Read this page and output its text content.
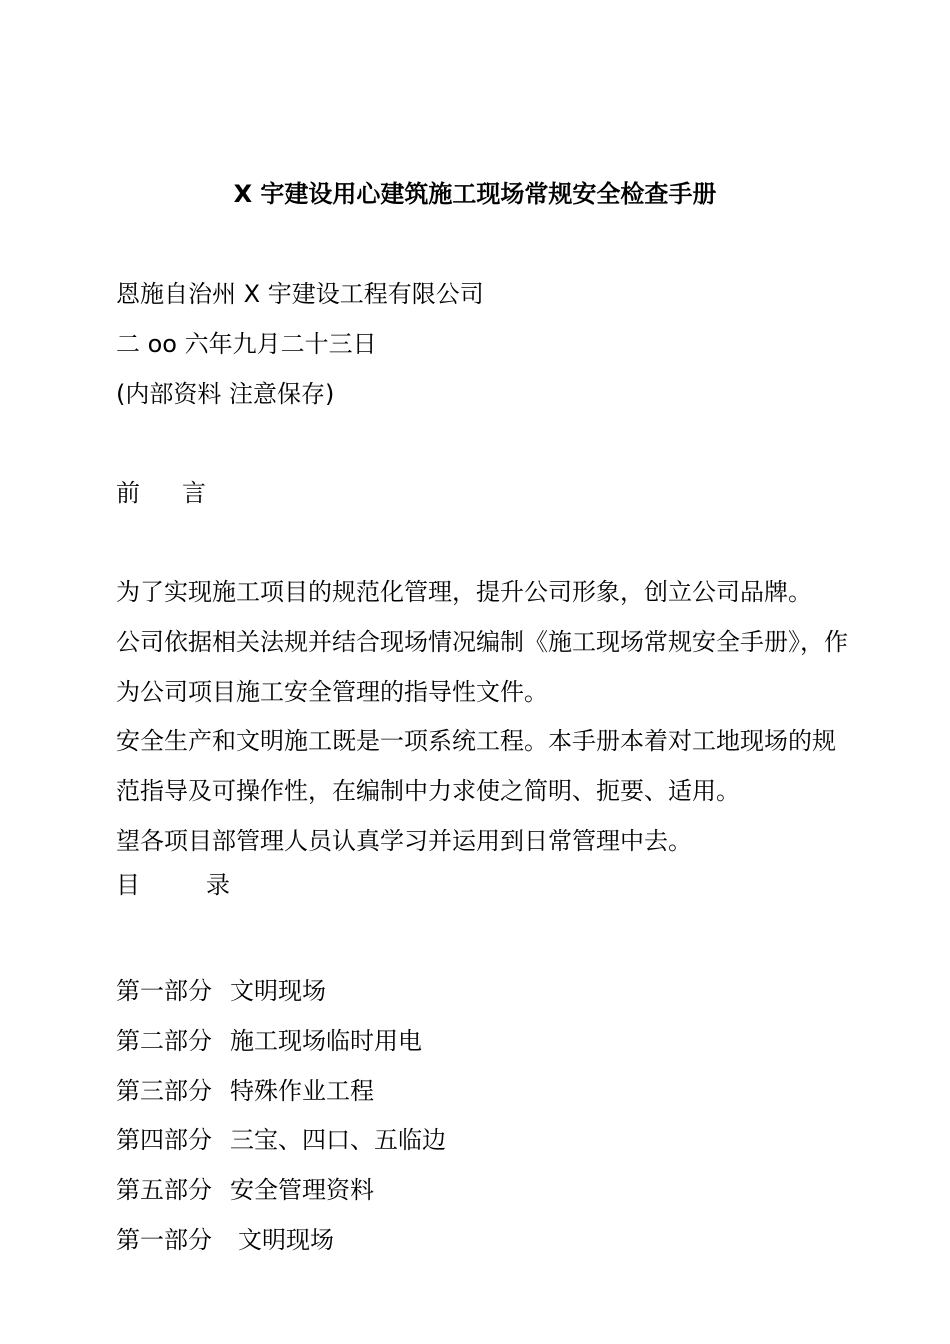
X 宇建设用心建筑施工现场常规安全检查手册
恩施自治州 X 宇建设工程有限公司
二 oo 六年九月二十三日
(内部资料 注意保存)
前 言
为了实现施工项目的规范化管理，提升公司形象，创立公司品牌。
公司依据相关法规并结合现场情况编制《施工现场常规安全手册》，作为公司项目施工安全管理的指导性文件。
安全生产和文明施工既是一项系统工程。本手册本着对工地现场的规范指导及可操作性，在编制中力求使之简明、扼要、适用。
望各项目部管理人员认真学习并运用到日常管理中去。
目	录
第一部分 文明现场
第二部分 施工现场临时用电
第三部分 特殊作业工程
第四部分 三宝、四口、五临边
第五部分 安全管理资料
第一部分 文明现场
